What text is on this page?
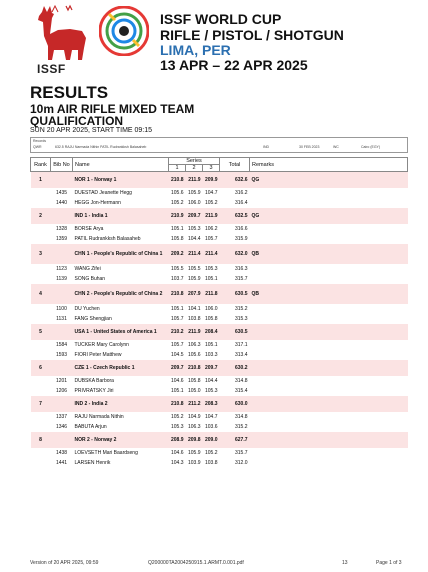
ISSF
ISSF WORLD CUP
RIFLE / PISTOL / SHOTGUN
LIMA, PER
13 APR – 22 APR 2025
RESULTS
10m AIR RIFLE MIXED TEAM
QUALIFICATION
SUN 20 APR 2025, START TIME 09:15
Records
QWR	632.5 RAJU Narmada Nithin PATIL Rudrankksh Balasaheb	IND	30 FEB 2023	WC	Cairo (EGY)
Rank	Bib No	Name	Series			Total	Remarks
			1	2	3		
1		NOR 1 - Norway 1	210.8	211.9	209.9	632.6	QG
	1435	DUESTAD Jeanette Hegg	105.6	105.9	104.7	316.2	
	1440	HEGG Jon-Hermann	105.2	106.0	105.2	316.4	
2		IND 1 - India 1	210.9	209.7	211.9	632.5	QG
	1328	BORSE Arya	105.1	105.3	106.2	316.6	
	1359	PATIL Rudrankksh Balasaheb	105.8	104.4	105.7	315.9	
3		CHN 1 - People's Republic of China 1	209.2	211.4	211.4	632.0	QB
	1123	WANG Zifei	105.5	105.5	105.3	316.3	
	1139	SONG Buhan	103.7	105.9	105.1	315.7	
4		CHN 2 - People's Republic of China 2	210.8	207.9	211.8	630.5	QB
	1100	DU Yuchen	105.1	104.1	106.0	315.2	
	1131	FANG Shengjian	105.7	103.8	105.8	315.3	
5		USA 1 - United States of America 1	210.2	211.9	208.4	630.5	
	1584	TUCKER Mary Carolynn	105.7	106.3	105.1	317.1	
	1593	FIORI Peter Matthew	104.5	105.6	103.3	313.4	
6		CZE 1 - Czech Republic 1	209.7	210.8	209.7	630.2	
	1201	DUBSKA Barbora	104.6	105.8	104.4	314.8	
	1206	PRIVRATSKY Jiri	105.1	105.0	105.3	315.4	
7		IND 2 - India 2	210.8	211.2	208.3	630.0	
	1337	RAJU Narmada Nithin	105.2	104.9	104.7	314.8	
	1346	BABUTA Arjun	105.3	106.3	103.6	315.2	
8		NOR 2 - Norway 2	208.9	209.8	209.0	627.7	
	1438	LOEVSETH Mari Baardseng	104.6	105.9	105.2	315.7	
	1441	LARSEN Henrik	104.3	103.9	103.8	312.0	
Version of 20 APR 2025, 09:59	Q200000TA2004250915.1.ARMT.0.001.pdf	13	Page 1 of 3
